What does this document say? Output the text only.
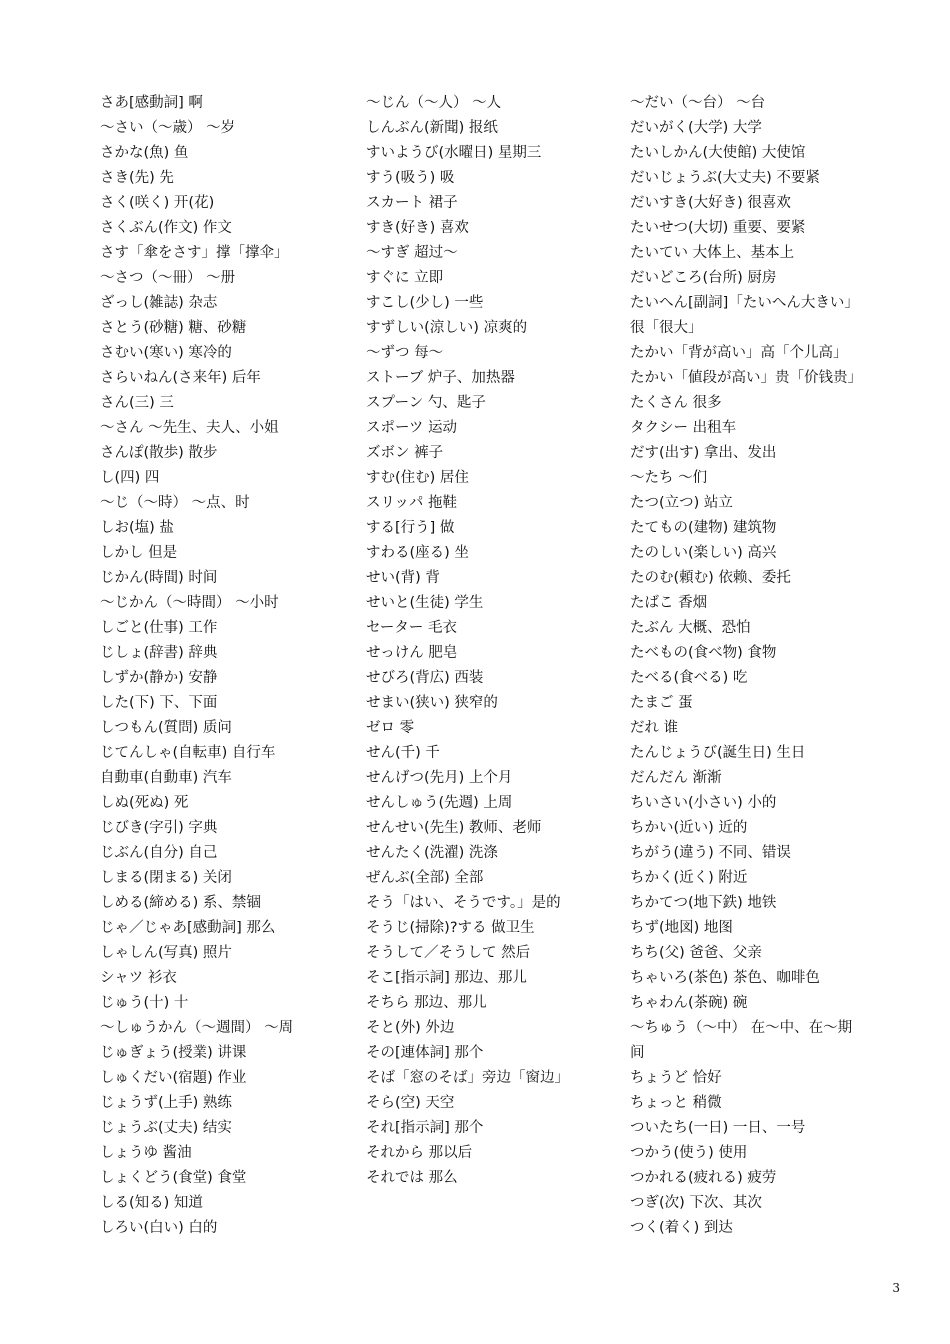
さあ[感動詞] 啊
～さい（～歳） ～岁
さかな(魚) 鱼
さき(先) 先
さく(咲く) 开(花)
さくぶん(作文) 作文
さす「傘をさす」撑「撑伞」
～さつ（～冊） ～册
ざっし(雑誌) 杂志
さとう(砂糖) 糖、砂糖
さむい(寒い) 寒冷的
さらいねん(さ来年) 后年
さん(三) 三
～さん ～先生、夫人、小姐
さんぽ(散歩) 散步
し(四) 四
～じ（～時） ～点、时
しお(塩) 盐
しかし 但是
じかん(時間) 时间
～じかん（～時間） ～小时
しごと(仕事) 工作
じしょ(辞書) 辞典
しずか(静か) 安静
した(下) 下、下面
しつもん(質問) 质问
じてんしゃ(自転車) 自行车
自動車(自動車) 汽车
しぬ(死ぬ) 死
じびき(字引) 字典
じぶん(自分) 自己
しまる(閉まる) 关闭
しめる(締める) 系、禁锢
じゃ／じゃあ[感動詞] 那么
しゃしん(写真) 照片
シャツ 衫衣
じゅう(十) 十
～しゅうかん（～週間） ～周
じゅぎょう(授業) 讲课
しゅくだい(宿題) 作业
じょうず(上手) 熟练
じょうぶ(丈夫) 结实
しょうゆ 酱油
しょくどう(食堂) 食堂
しる(知る) 知道
しろい(白い) 白的
～じん（～人） ～人
しんぶん(新聞) 报纸
すいようび(水曜日) 星期三
すう(吸う) 吸
スカート 裙子
すき(好き) 喜欢
～すぎ 超过～
すぐに 立即
すこし(少し) 一些
すずしい(涼しい) 凉爽的
～ずつ 每～
ストーブ 炉子、加热器
スプーン 勺、匙子
スポーツ 运动
ズボン 裤子
すむ(住む) 居住
スリッパ 拖鞋
する[行う] 做
すわる(座る) 坐
せい(背) 背
せいと(生徒) 学生
セーター 毛衣
せっけん 肥皂
せびろ(背広) 西装
せまい(狭い) 狭窄的
ゼロ 零
せん(千) 千
せんげつ(先月) 上个月
せんしゅう(先週) 上周
せんせい(先生) 教师、老师
せんたく(洗濯) 洗涤
ぜんぶ(全部) 全部
そう「はい、そうです。」是的
そうじ(掃除)?する 做卫生
そうして／そうして 然后
そこ[指示詞] 那边、那儿
そちら 那边、那儿
そと(外) 外边
その[連体詞] 那个
そば「窓のそば」旁边「窗边」
そら(空) 天空
それ[指示詞] 那个
それから 那以后
それでは 那么
～だい（～台） ～台
だいがく(大学) 大学
たいしかん(大使館) 大使馆
だいじょうぶ(大丈夫) 不要紧
だいすき(大好き) 很喜欢
たいせつ(大切) 重要、要紧
たいてい 大体上、基本上
だいどころ(台所) 厨房
たいへん[副詞]「たいへん大きい」
很「很大」
たかい「背が高い」高「个儿高」
たかい「値段が高い」贵「价钱贵」
たくさん 很多
タクシー 出租车
だす(出す) 拿出、发出
～たち ～们
たつ(立つ) 站立
たてもの(建物) 建筑物
たのしい(楽しい) 高兴
たのむ(頼む) 依赖、委托
たばこ 香烟
たぶん 大概、恐怕
たべもの(食べ物) 食物
たべる(食べる) 吃
たまご 蛋
だれ 谁
たんじょうび(誕生日) 生日
だんだん 渐渐
ちいさい(小さい) 小的
ちかい(近い) 近的
ちがう(違う) 不同、错误
ちかく(近く) 附近
ちかてつ(地下鉄) 地铁
ちず(地図) 地图
ちち(父) 爸爸、父亲
ちゃいろ(茶色) 茶色、咖啡色
ちゃわん(茶碗) 碗
～ちゅう（～中） 在～中、在～期
间
ちょうど 恰好
ちょっと 稍微
ついたち(一日) 一日、一号
つかう(使う) 使用
つかれる(疲れる) 疲劳
つぎ(次) 下次、其次
つく(着く) 到达
3
